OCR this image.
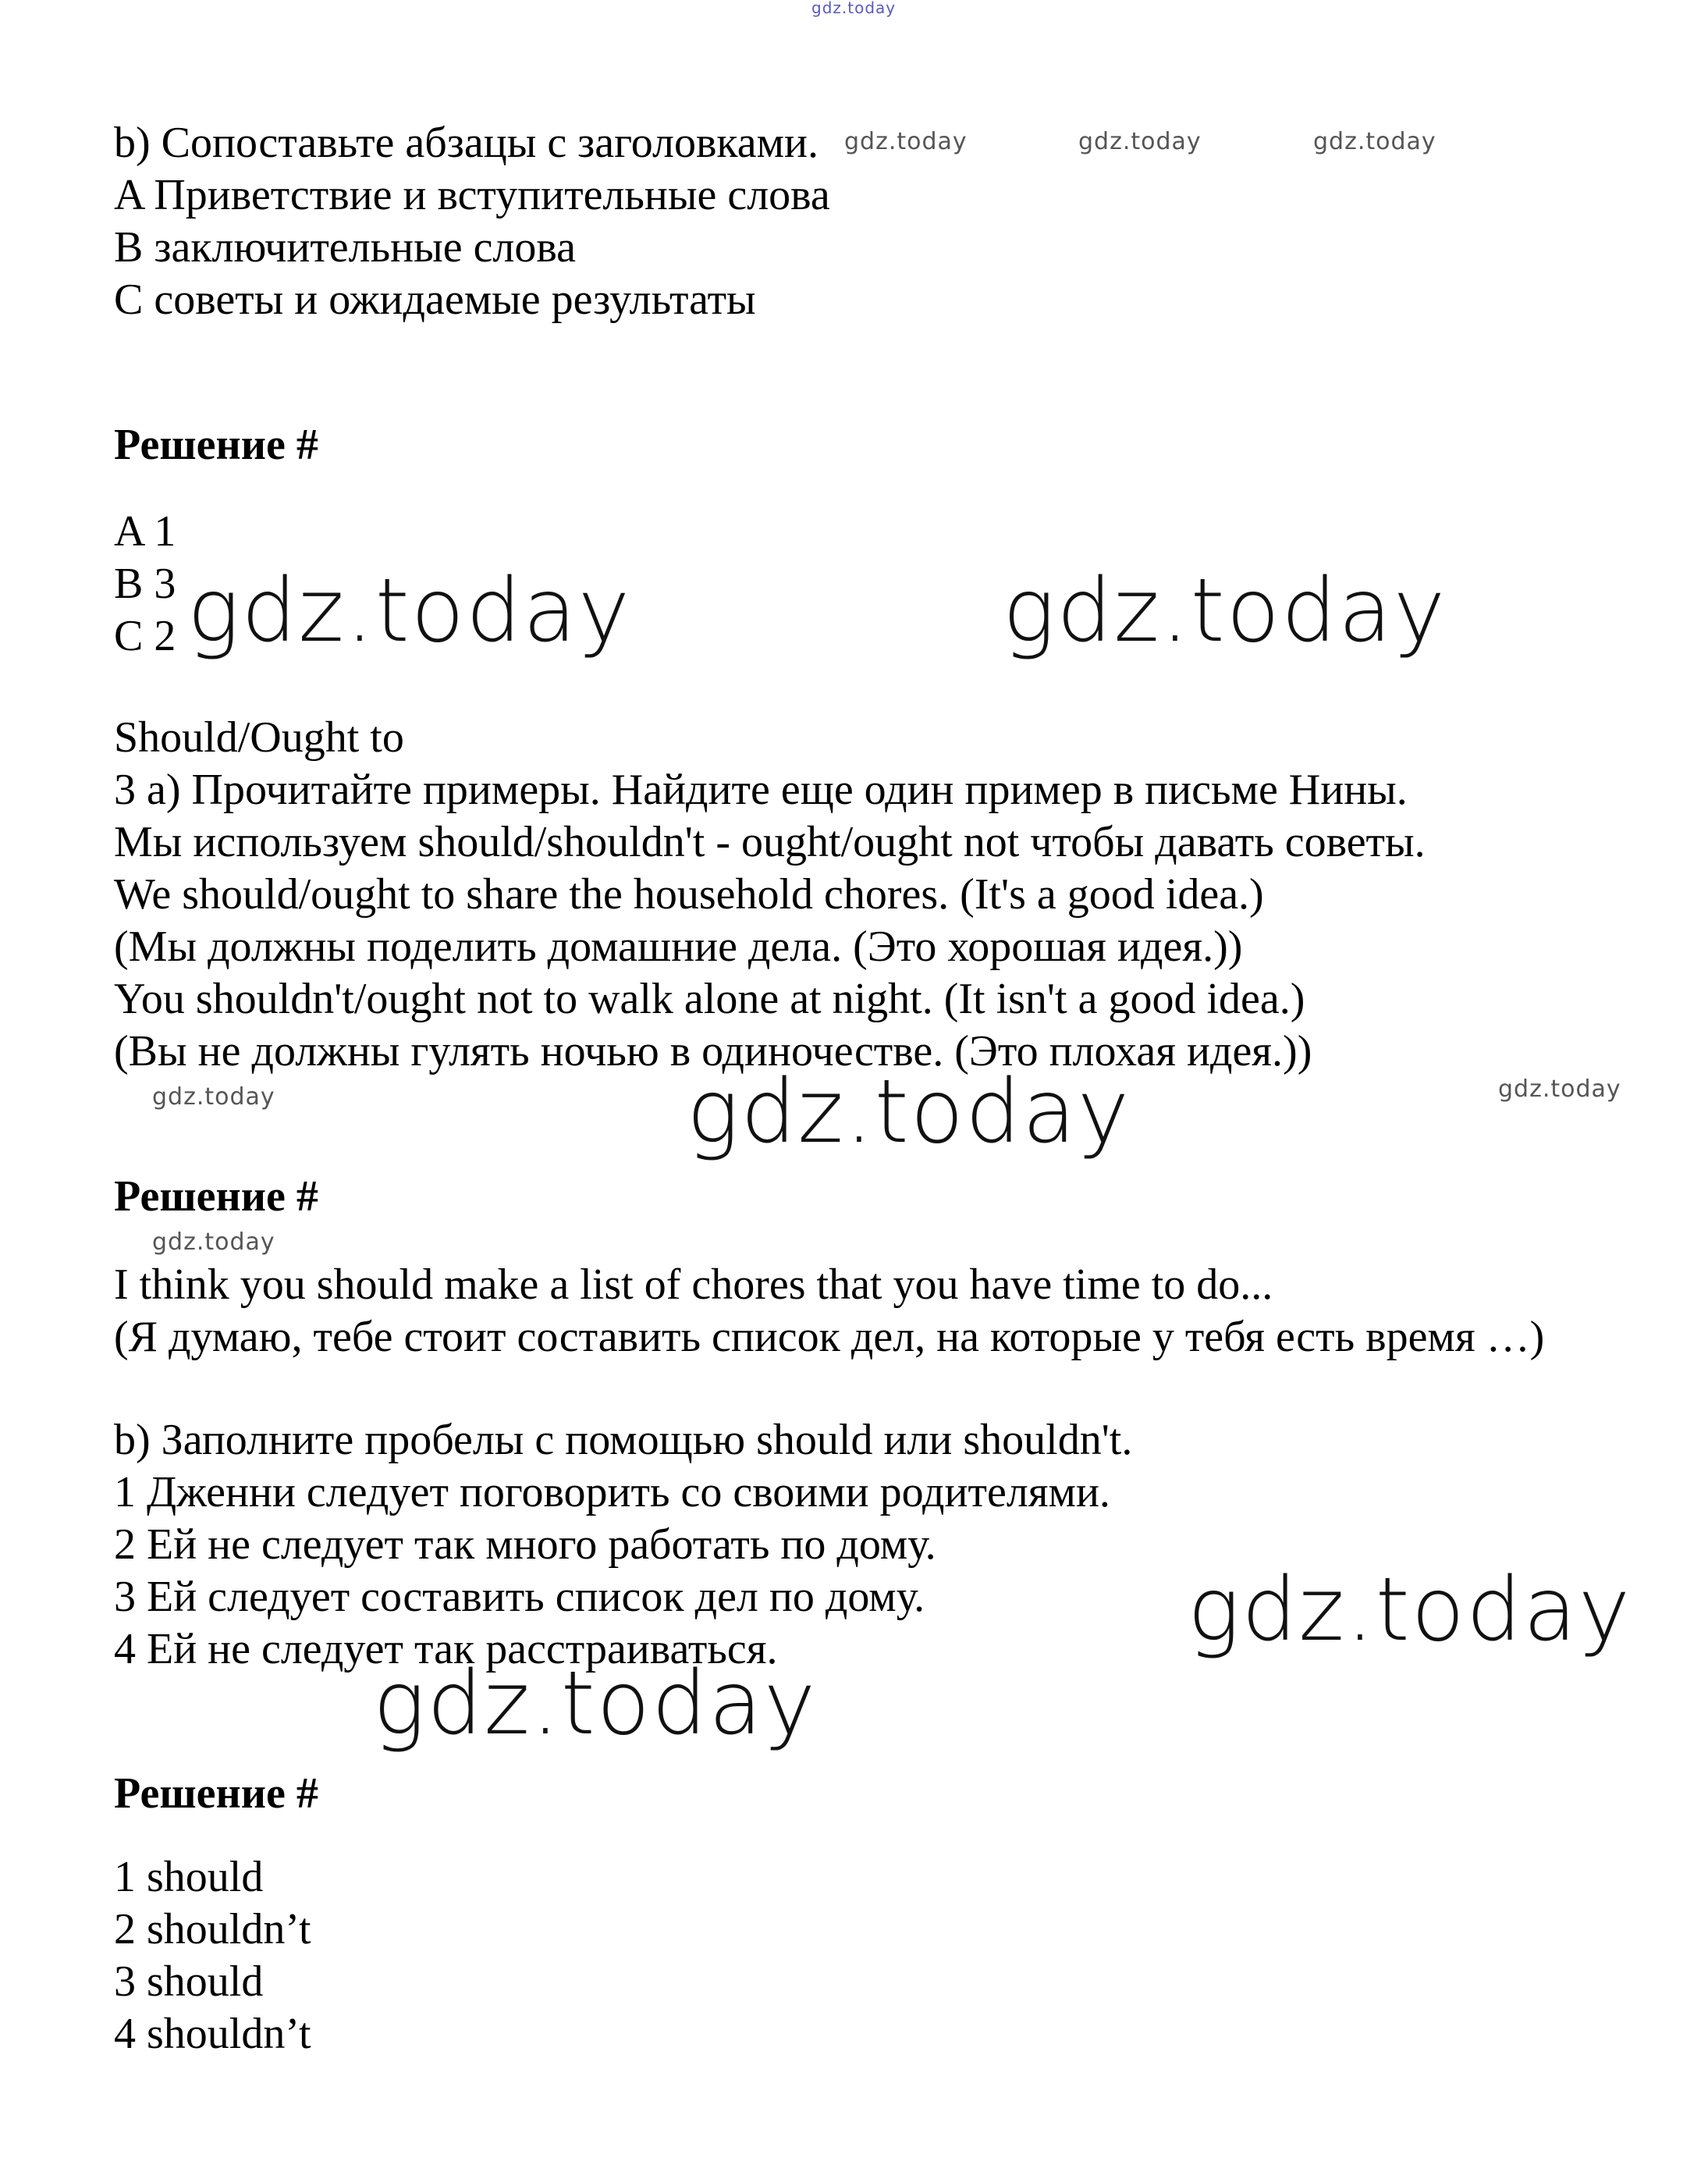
gdz.today
b) Сопоставьте абзацы с заголовками.
A Приветствие и вступительные слова
B заключительные слова
C советы и ожидаемые результаты
gdz.today	gdz.today	gdz.today
Решение #
A 1
B 3
C 2 gdz.today	gdz.today
Should/Ought to
3 a) Прочитайте примеры. Найдите еще один пример в письме Нины.
Мы используем should/shouldn't - ought/ought not чтобы давать советы.
We should/ought to share the household chores. (It's a good idea.)
(Мы должны поделить домашние дела. (Это хорошая идея.))
You shouldn't/ought not to walk alone at night. (It isn't a good idea.)
(Вы не должны гулять ночью в одиночестве. (Это плохая идея.))
gdz.today	gdz.today
gdz.today
Решение #
gdz.today
I think you should make a list of chores that you have time to do...
(Я думаю, тебе стоит составить список дел, на которые у тебя есть время …)
b) Заполните пробелы с помощью should или shouldn't.
1 Дженни следует поговорить со своими родителями.
2 Ей не следует так много работать по дому.
3 Ей следует составить список дел по дому.
4 Ей не следует так расстраиваться.	gdz.today
gdz.today
Решение #
1 should
2 shouldn’t
3 should
4 shouldn’t
